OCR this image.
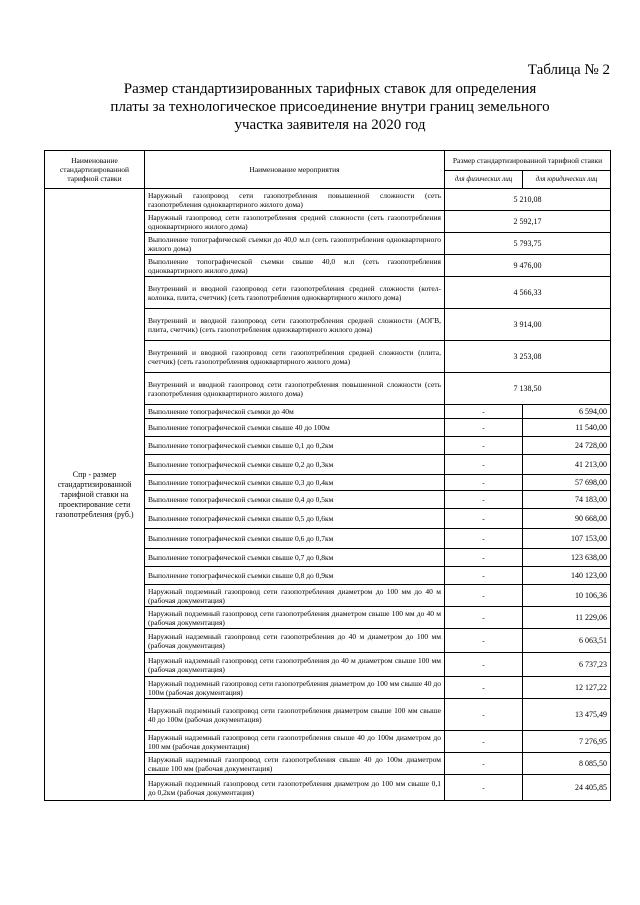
Таблица № 2
Размер стандартизированных тарифных ставок для определения
платы за технологическое присоединение внутри границ земельного
участка заявителя на 2020 год
Наименование стандартизированной тарифной ставки	Наименование мероприятия	Размер стандартизированной тарифной ставки	
		для физических лиц	для юридических лиц
Спр - размер стандартизированной тарифной ставки на проектирование сети газопотребления (руб.)	Наружный газопровод сети газопотребления повышенной сложности (сеть газопотребления одноквартирного жилого дома)	5 210,08	
	Наружный газопровод сети газопотребления средней сложности (сеть газопотребления одноквартирного жилого дома)	2 592,17	
	Выполнение топографической съемки до 40,0 м.п (сеть газопотребления одноквартирного жилого дома)	5 793,75	
	Выполнение топографической съемки свыше 40,0 м.п (сеть газопотребления одноквартирного жилого дома)	9 476,00	
	Внутренний и вводной газопровод сети газопотребления средней сложности (котел-колонка, плита, счетчик) (сеть газопотребления одноквартирного жилого дома)	4 566,33	
	Внутренний и вводной газопровод сети газопотребления средней сложности (АОГВ, плита, счетчик) (сеть газопотребления одноквартирного жилого дома)	3 914,00	
	Внутренний и вводной газопровод сети газопотребления средней сложности (плита, счетчик) (сеть газопотребления одноквартирного жилого дома)	3 253,08	
	Внутренний и вводной газопровод сети газопотребления повышенной сложности (сеть газопотребления одноквартирного жилого дома)	7 138,50	
	Выполнение топографической съемки до 40м	-	6 594,00
	Выполнение топографической съемки свыше 40 до 100м	-	11 540,00
	Выполнение топографической съемки свыше 0,1 до 0,2км	-	24 728,00
	Выполнение топографической съемки свыше 0,2 до 0,3км	-	41 213,00
	Выполнение топографической съемки свыше 0,3 до 0,4км	-	57 698,00
	Выполнение топографической съемки свыше 0,4 до 0,5км	-	74 183,00
	Выполнение топографической съемки свыше 0,5 до 0,6км	-	90 668,00
	Выполнение топографической съемки свыше 0,6 до 0,7км	-	107 153,00
	Выполнение топографической съемки свыше 0,7 до 0,8км	-	123 638,00
	Выполнение топографической съемки свыше 0,8 до 0,9км	-	140 123,00
	Наружный подземный газопровод сети газопотребления диаметром до 100 мм до 40 м (рабочая документация)	-	10 106,36
	Наружный подземный газопровод сети газопотребления диаметром свыше 100 мм до 40 м (рабочая документация)	-	11 229,06
	Наружный надземный газопровод сети газопотребления до 40 м диаметром до 100 мм (рабочая документация)	-	6 063,51
	Наружный надземный газопровод сети газопотребления до 40 м диаметром свыше 100 мм (рабочая документация)	-	6 737,23
	Наружный подземный газопровод сети газопотребления диаметром до 100 мм свыше 40 до 100м (рабочая документация)	-	12 127,22
	Наружный подземный газопровод сети газопотребления диаметром свыше 100 мм свыше 40 до 100м (рабочая документация)	-	13 475,49
	Наружный надземный газопровод сети газопотребления свыше 40 до 100м диаметром до 100 мм (рабочая документация)	-	7 276,95
	Наружный надземный газопровод сети газопотребления свыше 40 до 100м диаметром свыше 100 мм (рабочая документация)	-	8 085,50
	Наружный подземный газопровод сети газопотребления диаметром до 100 мм свыше 0,1 до 0,2км (рабочая документация)	-	24 405,85
